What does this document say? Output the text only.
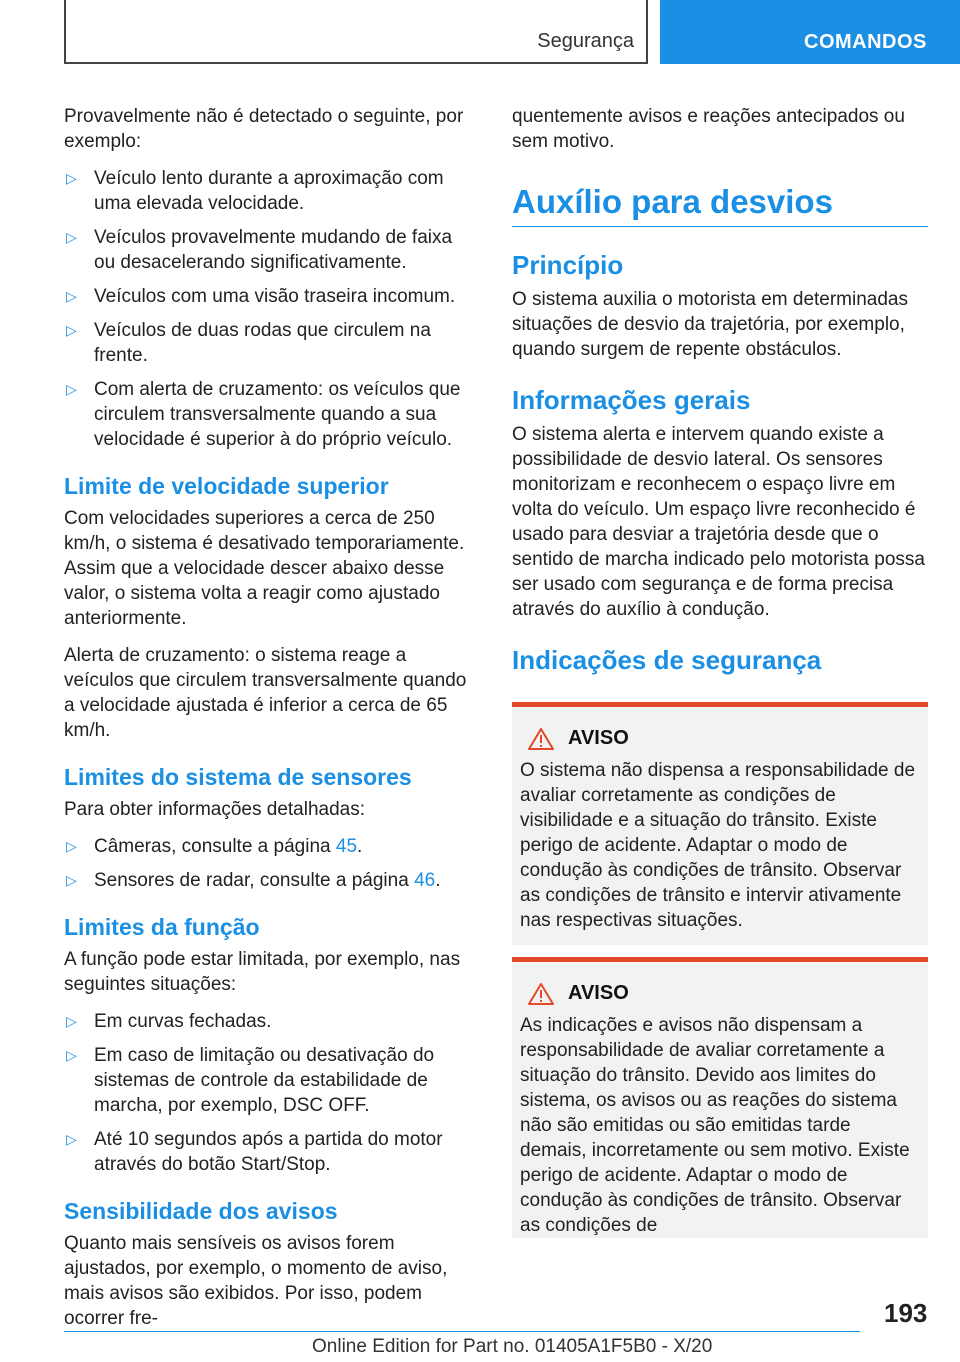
Segurança	COMANDOS

Provavelmente não é detectado o seguinte, por exemplo:

▷ Veículo lento durante a aproximação com uma elevada velocidade.
▷ Veículos provavelmente mudando de faixa ou desacelerando significativamente.
▷ Veículos com uma visão traseira incomum.
▷ Veículos de duas rodas que circulem na frente.
▷ Com alerta de cruzamento: os veículos que circulem transversalmente quando a sua velocidade é superior à do próprio veículo.
Limite de velocidade superior

Com velocidades superiores a cerca de 250 km/h, o sistema é desativado temporariamente. Assim que a velocidade descer abaixo desse valor, o sistema volta a reagir como ajustado anteriormente.

Alerta de cruzamento: o sistema reage a veículos que circulem transversalmente quando a velocidade ajustada é inferior a cerca de 65 km/h.

Limites do sistema de sensores

Para obter informações detalhadas:

▷ Câmeras, consulte a página 45.
▷ Sensores de radar, consulte a página 46.
Limites da função

A função pode estar limitada, por exemplo, nas seguintes situações:

▷ Em curvas fechadas.
▷ Em caso de limitação ou desativação do sistemas de controle da estabilidade de marcha, por exemplo, DSC OFF.
▷ Até 10 segundos após a partida do motor através do botão Start/Stop.
Sensibilidade dos avisos

Quanto mais sensíveis os avisos forem ajustados, por exemplo, o momento de aviso, mais avisos são exibidos. Por isso, podem ocorrer fre-

quentemente avisos e reações antecipados ou sem motivo.

Auxílio para desvios
Princípio

O sistema auxilia o motorista em determinadas situações de desvio da trajetória, por exemplo, quando surgem de repente obstáculos.

Informações gerais

O sistema alerta e intervem quando existe a possibilidade de desvio lateral. Os sensores monitorizam e reconhecem o espaço livre em volta do veículo. Um espaço livre reconhecido é usado para desviar a trajetória desde que o sentido de marcha indicado pelo motorista possa ser usado com segurança e de forma precisa através do auxílio à condução.

Indicações de segurança
AVISO

O sistema não dispensa a responsabilidade de avaliar corretamente as condições de visibilidade e a situação do trânsito. Existe perigo de acidente. Adaptar o modo de condução às condições de trânsito. Observar as condições de trânsito e intervir ativamente nas respectivas situações.

AVISO

As indicações e avisos não dispensam a responsabilidade de avaliar corretamente a situação do trânsito. Devido aos limites do sistema, os avisos ou as reações do sistema não são emitidas ou são emitidas tarde demais, incorretamente ou sem motivo. Existe perigo de acidente. Adaptar o modo de condução às condições de trânsito. Observar as condições de

193
Online Edition for Part no. 01405A1F5B0 - X/20
